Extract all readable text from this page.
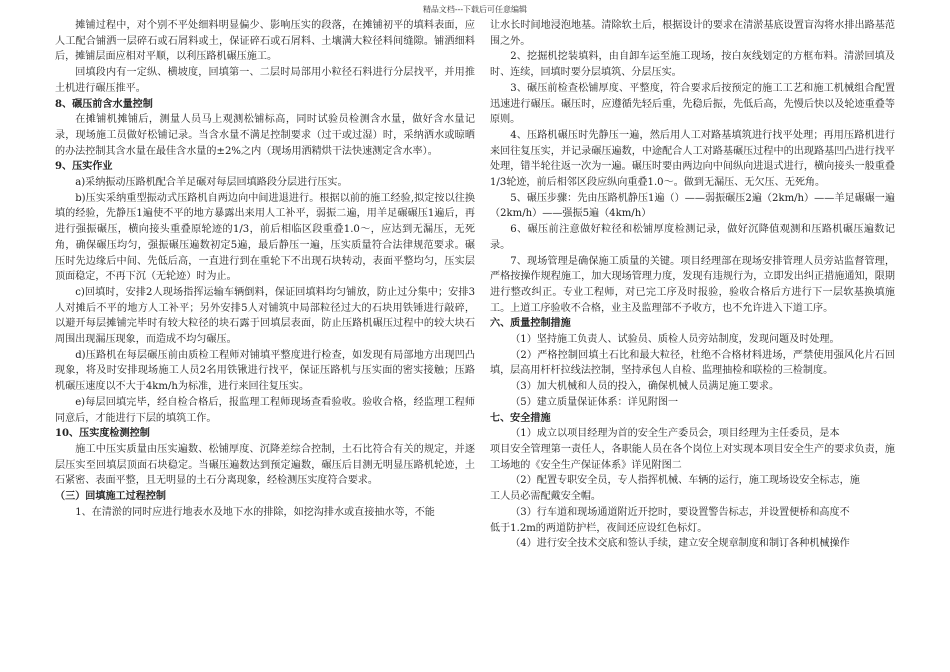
精品文档---下载后可任意编辑

摊铺过程中，对个别不平处细料明显偏少、影响压实的段落，在摊铺初平的填料表面，应人工配合铺洒一层碎石或石屑料或土，保证碎石或石屑料、土壤满大粒径料间缝隙。铺洒细料后，摊铺层面应相对平顺，以利压路机碾压施工。

回填段内有一定纵、横坡度，回填第一、二层时局部用小粒径石料进行分层找平，并用推土机进行碾压推平。

8、碾压前含水量控制

在摊铺机摊铺后，测量人员马上观测松铺标高，同时试验员检测含水量，做好含水量记录，现场施工员做好松铺记录。当含水量不满足控制要求（过干或过湿）时，采纳洒水或晾晒的办法控制其含水量在最佳含水量的±2%之内（现场用洒精烘干法快速测定含水率）。

9、压实作业

a)采纳振动压路机配合羊足碾对每层回填路段分层进行压实。

b)压实采纳重型振动式压路机自两边向中间进退进行。根据以前的施工经验,拟定按以往换填的经验，先静压1遍使不平的地方暴露出来用人工补平，弱振二遍，用羊足碾碾压1遍后，再进行强振碾压，横向接头重叠原轮迹的1/3，前后相临区段重叠1.0～，应达到无漏压，无死角，确保碾压均匀，强振碾压遍数初定5遍，最后静压一遍，压实质量符合法律规范要求。碾压时先边缘后中间、先低后高，一直进行到在重轮下不出现石块转动，表面平整均匀，压实层顶面稳定，不再下沉（无轮迹）时为止。

c)回填时，安排2人现场指挥运输车辆倒料，保证回填料均匀铺放，防止过分集中；安排3人对摊后不平的地方人工补平；另外安排5人对铺筑中局部粒径过大的石块用铁锤进行敲碎，以避开每层摊铺完毕时有较大粒径的块石露于回填层表面，防止压路机碾压过程中的较大块石周围出现漏压现象，而造成不均匀碾压。

d)压路机在每层碾压前由质检工程师对铺填平整度进行检查，如发现有局部地方出现凹凸现象，将及时安排现场施工人员2名用铁锹进行找平，保证压路机与压实面的密实接触；压路机碾压速度以不大于4km/h为标准，进行来回往复压实。

e)每层回填完毕，经自检合格后，报监理工程师现场查看验收。验收合格，经监理工程师同意后，才能进行下层的填筑工作。

10、压实度检测控制

施工中压实质量由压实遍数、松铺厚度、沉降差综合控制，土石比符合有关的规定，并逐层压实至回填层顶面石块稳定。当碾压遍数达到预定遍数，碾压后目测无明显压路机轮迹，土石紧密、表面平整，且无明显的土石分离现象，经检测压实度符合要求。

（三）回填施工过程控制

1、在清淤的同时应进行地表水及地下水的排除，如挖沟排水或直接抽水等，不能

让水长时间地浸泡地基。清除软土后，根据设计的要求在清淤基底设置盲沟将水排出路基范围之外。

2、挖掘机挖装填料，由自卸车运至施工现场，按白灰线划定的方框布料。清淤回填及时、连续，回填时要分层填筑、分层压实。

3、碾压前检查松铺厚度、平整度，符合要求后按预定的施工工艺和施工机械组合配置迅速进行碾压。碾压时，应遵循先轻后重，先稳后振，先低后高，先慢后快以及轮迹重叠等原则。

4、压路机碾压时先静压一遍，然后用人工对路基填筑进行找平处理；再用压路机进行来回往复压实，并记录碾压遍数，中途配合人工对路基碾压过程中的出现路基凹凸进行找平处理，错半轮往返一次为一遍。碾压时要由两边向中间纵向进退式进行，横向接头一般重叠1/3轮迹，前后相邻区段应纵向重叠1.0～。做到无漏压、无欠压、无死角。

5、碾压步骤：先由压路机静压1遍（）——弱振碾压2遍（2km/h）——羊足碾碾一遍（2km/h）——强振5遍（4km/h）

6、碾压前注意做好粒径和松铺厚度检测记录，做好沉降值观测和压路机碾压遍数记录。

7、现场管理是确保施工质量的关键。项目经理部在现场安排管理人员旁站监督管理，严格按操作规程施工，加大现场管理力度，发现有违规行为，立即发出纠正措施通知，限期进行整改纠正。专业工程师，对已完工序及时报验，验收合格后方进行下一层软基换填施工。上道工序验收不合格，业主及监理部不予收方，也不允许进入下道工序。

六、质量控制措施

（1）坚持施工负责人、试验员、质检人员旁站制度，发现问题及时处理。

（2）严格控制回填土石比和最大粒径，杜绝不合格材料进场，严禁使用强风化片石回填，层高用杆杆拉线法控制，坚持承包人自检、监理抽检和联检的三检制度。

（3）加大机械和人员的投入，确保机械人员满足施工要求。

（5）建立质量保证体系：详见附图一

七、安全措施

（1）成立以项目经理为首的安全生产委员会，项目经理为主任委员，是本

项目安全管理第一责任人，各职能人员在各个岗位上对实现本项目安全生产的要求负责，施工场地的《安全生产保证体系》详见附图二

（2）配置专职安全员，专人指挥机械、车辆的运行，施工现场设安全标志，施

工人员必需配戴安全帽。

（3）行车道和现场通道附近开挖时，要设置警告标志，并设置便桥和高度不

低于1.2m的两道防护栏，夜间还应设红色标灯。

（4）进行安全技术交底和签认手续，建立安全规章制度和制订各种机械操作
